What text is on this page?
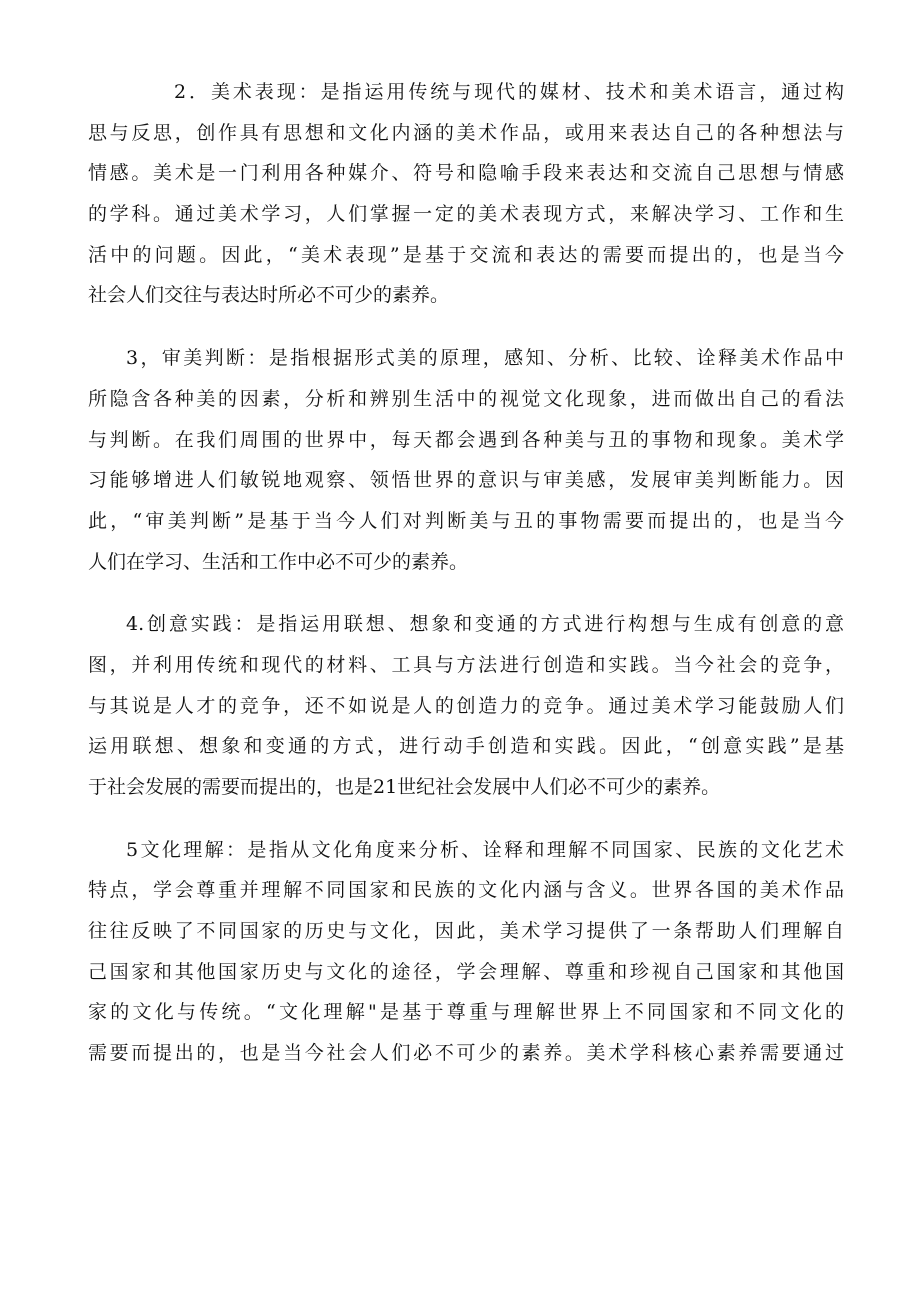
2．美术表现：是指运用传统与现代的媒材、技术和美术语言，通过构
思与反思，创作具有思想和文化内涵的美术作品，或用来表达自己的各种想法与
情感。美术是一门利用各种媒介、符号和隐喻手段来表达和交流自己思想与情感
的学科。通过美术学习，人们掌握一定的美术表现方式，来解决学习、工作和生
活中的问题。因此，“美术表现”是基于交流和表达的需要而提出的，也是当今
社会人们交往与表达时所必不可少的素养。
3，审美判断：是指根据形式美的原理，感知、分析、比较、诠释美术作品中
所隐含各种美的因素，分析和辨别生活中的视觉文化现象，进而做出自己的看法
与判断。在我们周围的世界中，每天都会遇到各种美与丑的事物和现象。美术学
习能够增进人们敏锐地观察、领悟世界的意识与审美感，发展审美判断能力。因
此，“审美判断”是基于当今人们对判断美与丑的事物需要而提出的，也是当今
人们在学习、生活和工作中必不可少的素养。
4.创意实践：是指运用联想、想象和变通的方式进行构想与生成有创意的意
图，并利用传统和现代的材料、工具与方法进行创造和实践。当今社会的竞争，
与其说是人才的竞争，还不如说是人的创造力的竞争。通过美术学习能鼓励人们
运用联想、想象和变通的方式，进行动手创造和实践。因此，“创意实践”是基
于社会发展的需要而提出的，也是21世纪社会发展中人们必不可少的素养。
5文化理解：是指从文化角度来分析、诠释和理解不同国家、民族的文化艺术
特点，学会尊重并理解不同国家和民族的文化内涵与含义。世界各国的美术作品
往往反映了不同国家的历史与文化，因此，美术学习提供了一条帮助人们理解自
己国家和其他国家历史与文化的途径，学会理解、尊重和珍视自己国家和其他国
家的文化与传统。“文化理解"是基于尊重与理解世界上不同国家和不同文化的
需要而提出的，也是当今社会人们必不可少的素养。美术学科核心素养需要通过
